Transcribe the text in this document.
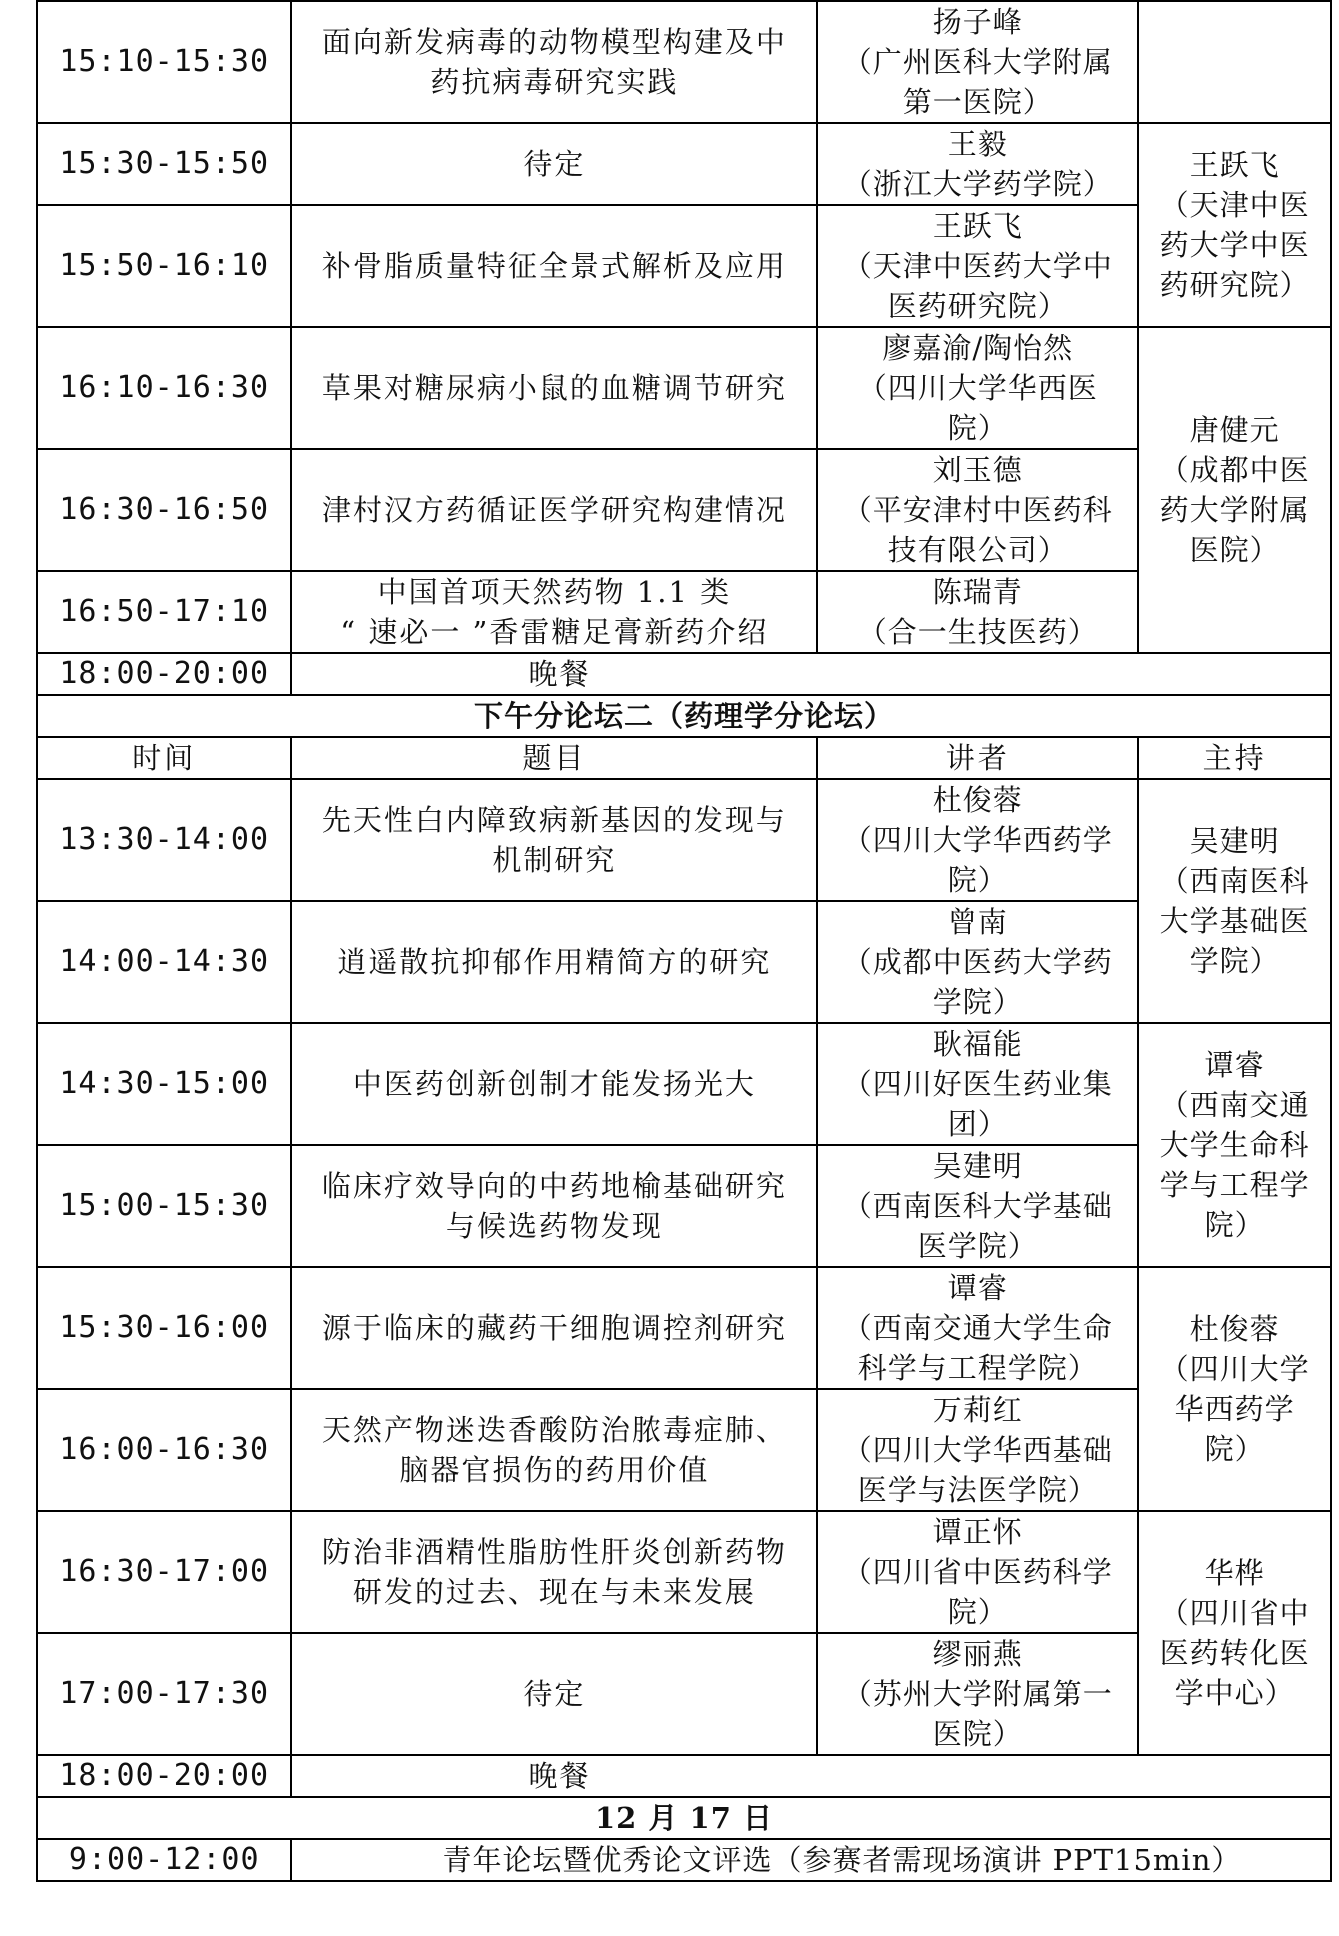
15:10-15:30	面向新发病毒的动物模型构建及中
药抗病毒研究实践	扬子峰
（广州医科大学附属
第一医院）	

15:30-15:50	待定	王毅
（浙江大学药学院）	王跃飞
（天津中医
药大学中医
药研究院）

15:50-16:10	补骨脂质量特征全景式解析及应用	王跃飞
（天津中医药大学中
医药研究院）	

16:10-16:30	草果对糖尿病小鼠的血糖调节研究	廖嘉渝/陶怡然
（四川大学华西医
院）	唐健元
（成都中医
药大学附属
医院）

16:30-16:50	津村汉方药循证医学研究构建情况	刘玉德
（平安津村中医药科
技有限公司）	

16:50-17:10	中国首项天然药物 1.1 类
“ 速必一 ”香雷糖足膏新药介绍	陈瑞青
（合一生技医药）	

18:00-20:00	晚餐		
下午分论坛二（药理学分论坛）			
时间	题目	讲者	主持
13:30-14:00	先天性白内障致病新基因的发现与
机制研究	杜俊蓉
（四川大学华西药学
院）	吴建明
（西南医科
大学基础医
学院）

14:00-14:30	逍遥散抗抑郁作用精简方的研究	曾南
（成都中医药大学药
学院）	

14:30-15:00	中医药创新创制才能发扬光大	耿福能
（四川好医生药业集
团）	谭睿
（西南交通
大学生命科
学与工程学
院）

15:00-15:30	临床疗效导向的中药地榆基础研究
与候选药物发现	吴建明
（西南医科大学基础
医学院）	

15:30-16:00	源于临床的藏药干细胞调控剂研究	谭睿
（西南交通大学生命
科学与工程学院）	杜俊蓉
（四川大学
华西药学
院）

16:00-16:30	天然产物迷迭香酸防治脓毒症肺、
脑器官损伤的药用价值	万莉红
（四川大学华西基础
医学与法医学院）	

16:30-17:00	防治非酒精性脂肪性肝炎创新药物
研发的过去、现在与未来发展	谭正怀
（四川省中医药科学
院）	华桦
（四川省中
医药转化医
学中心）

17:00-17:30	待定	缪丽燕
（苏州大学附属第一
医院）	

18:00-20:00	晚餐		
12 月 17 日			
9:00-12:00	青年论坛暨优秀论文评选（参赛者需现场演讲 PPT15min）		
